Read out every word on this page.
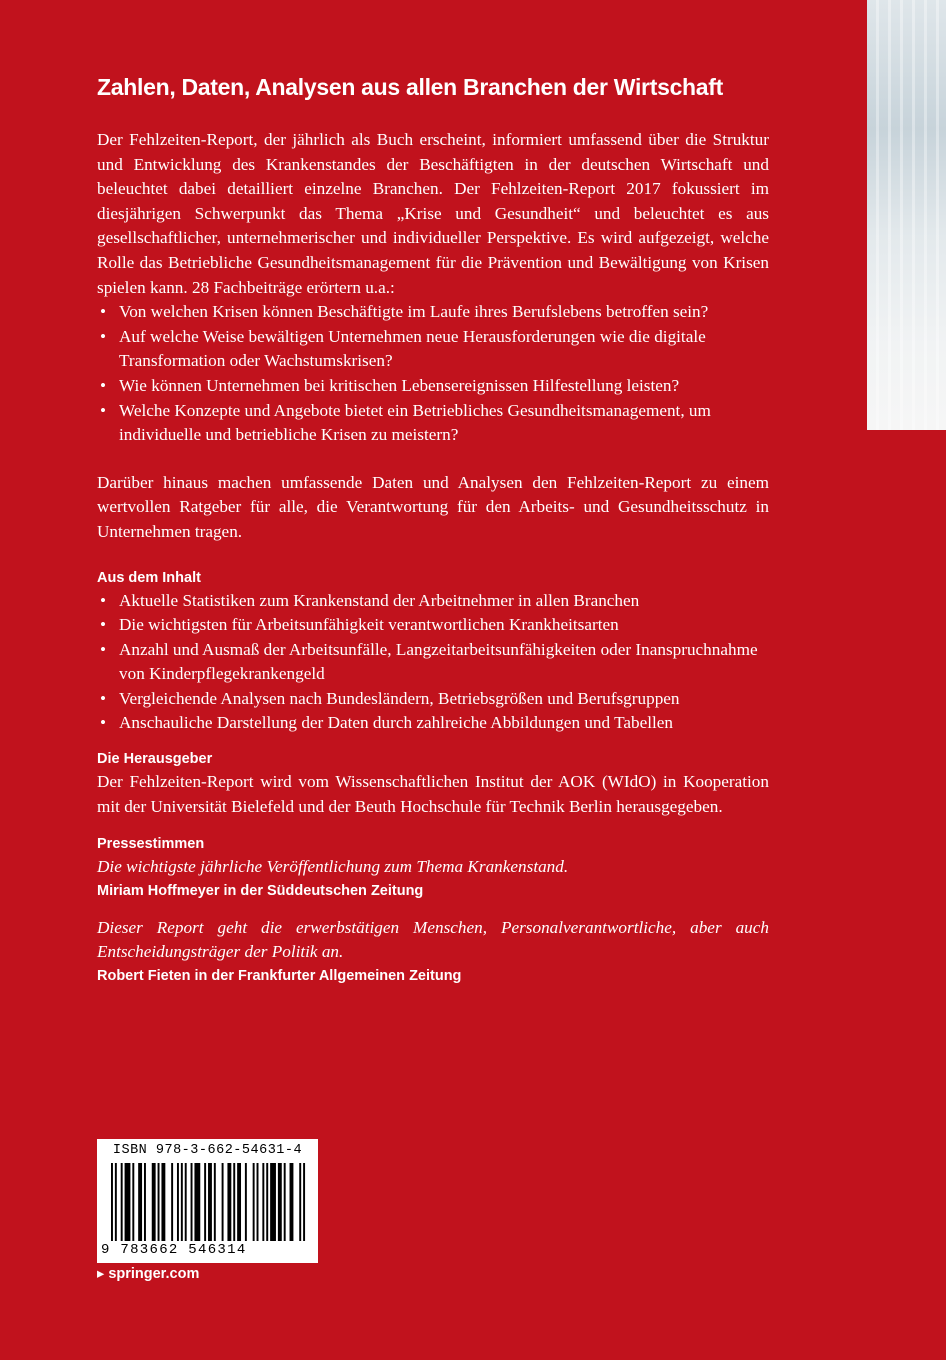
Zahlen, Daten, Analysen aus allen Branchen der Wirtschaft

Der Fehlzeiten-Report, der jährlich als Buch erscheint, informiert umfassend über die Struktur und Entwicklung des Krankenstandes der Beschäftigten in der deutschen Wirtschaft und beleuchtet dabei detailliert einzelne Branchen. Der Fehlzeiten-Report 2017 fokussiert im diesjährigen Schwerpunkt das Thema „Krise und Gesundheit“ und beleuchtet es aus gesellschaftlicher, unternehmerischer und individueller Perspektive. Es wird aufgezeigt, welche Rolle das Betriebliche Gesundheitsmanagement für die Prävention und Bewältigung von Krisen spielen kann. 28 Fachbeiträge erörtern u.a.:

• Von welchen Krisen können Beschäftigte im Laufe ihres Berufslebens betroffen sein?
• Auf welche Weise bewältigen Unternehmen neue Herausforderungen wie die digitale Transformation oder Wachstumskrisen?
• Wie können Unternehmen bei kritischen Lebensereignissen Hilfestellung leisten?
• Welche Konzepte und Angebote bietet ein Betriebliches Gesundheitsmanagement, um individuelle und betriebliche Krisen zu meistern?

Darüber hinaus machen umfassende Daten und Analysen den Fehlzeiten-Report zu einem wertvollen Ratgeber für alle, die Verantwortung für den Arbeits- und Gesundheitsschutz in Unternehmen tragen.

Aus dem Inhalt
• Aktuelle Statistiken zum Krankenstand der Arbeitnehmer in allen Branchen
• Die wichtigsten für Arbeitsunfähigkeit verantwortlichen Krankheitsarten
• Anzahl und Ausmaß der Arbeitsunfälle, Langzeitarbeitsunfähigkeiten oder Inanspruchnahme von Kinderpflegekrankengeld
• Vergleichende Analysen nach Bundesländern, Betriebsgrößen und Berufsgruppen
• Anschauliche Darstellung der Daten durch zahlreiche Abbildungen und Tabellen
Die Herausgeber

Der Fehlzeiten-Report wird vom Wissenschaftlichen Institut der AOK (WIdO) in Kooperation mit der Universität Bielefeld und der Beuth Hochschule für Technik Berlin herausgegeben.

Pressestimmen

Die wichtigste jährliche Veröffentlichung zum Thema Krankenstand.

Miriam Hoffmeyer in der Süddeutschen Zeitung

Dieser Report geht die erwerbstätigen Menschen, Personalverantwortliche, aber auch Entscheidungsträger der Politik an.

Robert Fieten in der Frankfurter Allgemeinen Zeitung

ISBN 978-3-662-54631-4
9 783662 546314
▸ springer.com
